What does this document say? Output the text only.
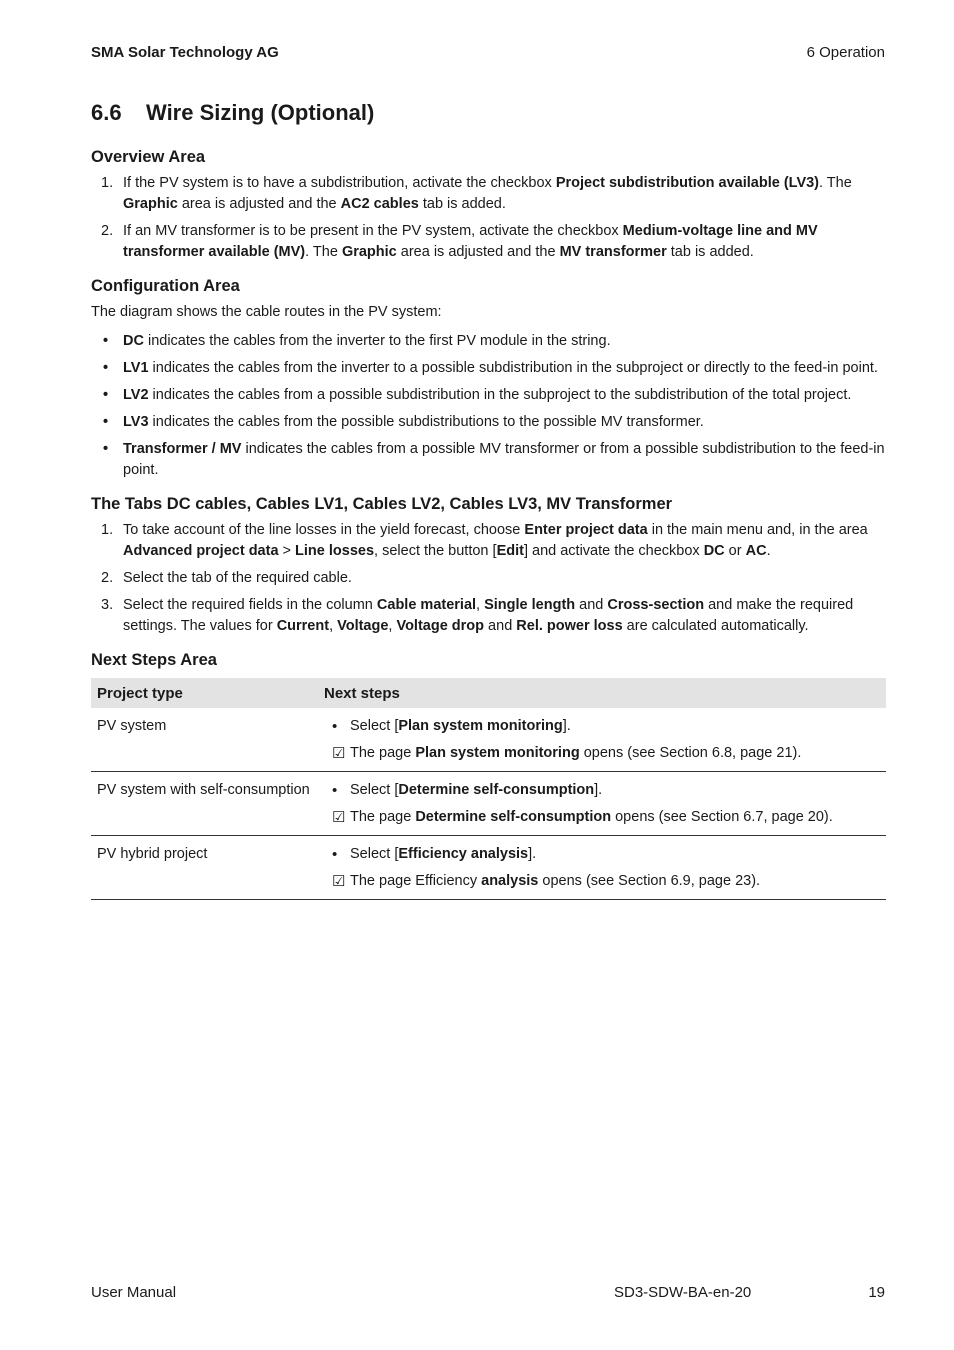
SMA Solar Technology AG	6 Operation
6.6 Wire Sizing (Optional)
Overview Area
1. If the PV system is to have a subdistribution, activate the checkbox Project subdistribution available (LV3). The Graphic area is adjusted and the AC2 cables tab is added.
2. If an MV transformer is to be present in the PV system, activate the checkbox Medium-voltage line and MV transformer available (MV). The Graphic area is adjusted and the MV transformer tab is added.
Configuration Area

The diagram shows the cable routes in the PV system:

• DC indicates the cables from the inverter to the first PV module in the string.
• LV1 indicates the cables from the inverter to a possible subdistribution in the subproject or directly to the feed-in point.
• LV2 indicates the cables from a possible subdistribution in the subproject to the subdistribution of the total project.
• LV3 indicates the cables from the possible subdistributions to the possible MV transformer.
• Transformer / MV indicates the cables from a possible MV transformer or from a possible subdistribution to the feed-in point.
The Tabs DC cables, Cables LV1, Cables LV2, Cables LV3, MV Transformer
1. To take account of the line losses in the yield forecast, choose Enter project data in the main menu and, in the area Advanced project data > Line losses, select the button [Edit] and activate the checkbox DC or AC.
2. Select the tab of the required cable.
3. Select the required fields in the column Cable material, Single length and Cross-section and make the required settings. The values for Current, Voltage, Voltage drop and Rel. power loss are calculated automatically.
Next Steps Area
Project type	Next steps
PV system	• Select [Plan system monitoring].
☑ The page Plan system monitoring opens (see Section 6.8, page 21).

PV system with self-consumption	• Select [Determine self-consumption].
☑ The page Determine self-consumption opens (see Section 6.7, page 20).

PV hybrid project	• Select [Efficiency analysis].
☑ The page Efficiency analysis opens (see Section 6.9, page 23).
User Manual	SD3-SDW-BA-en-20	19
